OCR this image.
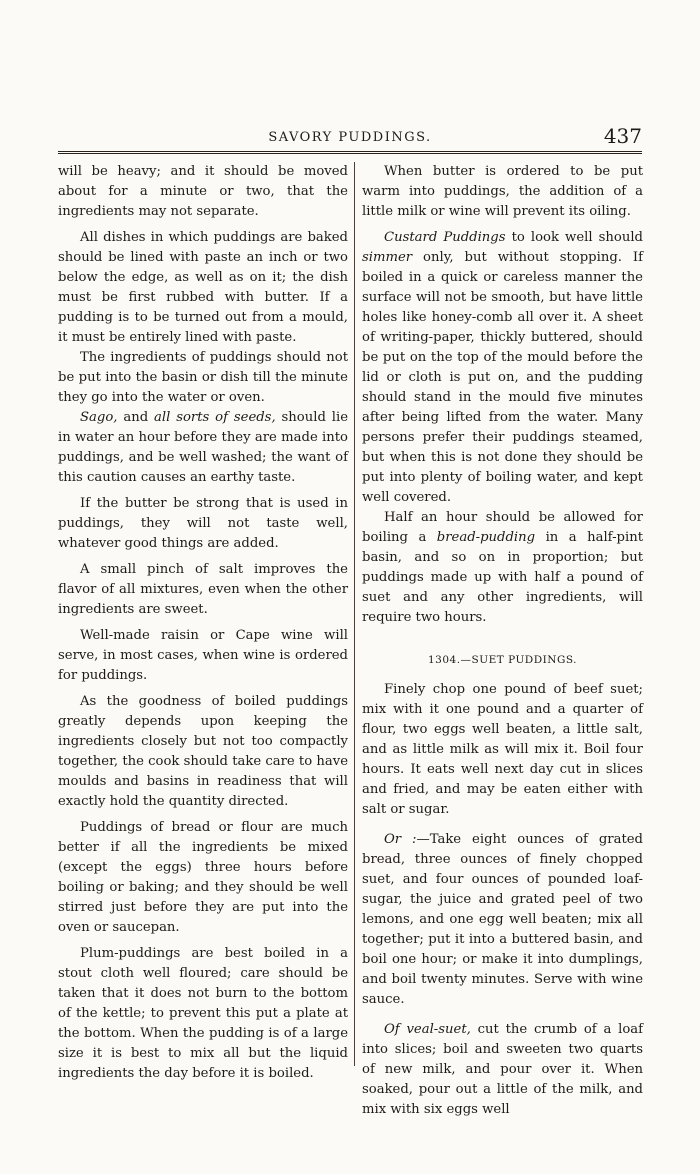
SAVORY PUDDINGS.	437

will be heavy; and it should be moved about for a minute or two, that the ingredients may not separate.

All dishes in which puddings are baked should be lined with paste an inch or two below the edge, as well as on it; the dish must be first rubbed with butter. If a pudding is to be turned out from a mould, it must be entirely lined with paste.

The ingredients of puddings should not be put into the basin or dish till the minute they go into the water or oven.

Sago, and all sorts of seeds, should lie in water an hour before they are made into puddings, and be well washed; the want of this caution causes an earthy taste.

If the butter be strong that is used in puddings, they will not taste well, whatever good things are added.

A small pinch of salt improves the flavor of all mixtures, even when the other ingredients are sweet.

Well-made raisin or Cape wine will serve, in most cases, when wine is ordered for puddings.

As the goodness of boiled puddings greatly depends upon keeping the ingredients closely but not too compactly together, the cook should take care to have moulds and basins in readiness that will exactly hold the quantity directed.

Puddings of bread or flour are much better if all the ingredients be mixed (except the eggs) three hours before boiling or baking; and they should be well stirred just before they are put into the oven or saucepan.

Plum-puddings are best boiled in a stout cloth well floured; care should be taken that it does not burn to the bottom of the kettle; to prevent this put a plate at the bottom. When the pudding is of a large size it is best to mix all but the liquid ingredients the day before it is boiled.

When butter is ordered to be put warm into puddings, the addition of a little milk or wine will prevent its oiling.

Custard Puddings to look well should simmer only, but without stopping. If boiled in a quick or careless manner the surface will not be smooth, but have little holes like honey-comb all over it. A sheet of writing-paper, thickly buttered, should be put on the top of the mould before the lid or cloth is put on, and the pudding should stand in the mould five minutes after being lifted from the water. Many persons prefer their puddings steamed, but when this is not done they should be put into plenty of boiling water, and kept well covered.

Half an hour should be allowed for boiling a bread-pudding in a half-pint basin, and so on in proportion; but puddings made up with half a pound of suet and any other ingredients, will require two hours.

1304.—SUET PUDDINGS.

Finely chop one pound of beef suet; mix with it one pound and a quarter of flour, two eggs well beaten, a little salt, and as little milk as will mix it. Boil four hours. It eats well next day cut in slices and fried, and may be eaten either with salt or sugar.

Or :—Take eight ounces of grated bread, three ounces of finely chopped suet, and four ounces of pounded loaf-sugar, the juice and grated peel of two lemons, and one egg well beaten; mix all together; put it into a buttered basin, and boil one hour; or make it into dumplings, and boil twenty minutes. Serve with wine sauce.

Of veal-suet, cut the crumb of a loaf into slices; boil and sweeten two quarts of new milk, and pour over it. When soaked, pour out a little of the milk, and mix with six eggs well
